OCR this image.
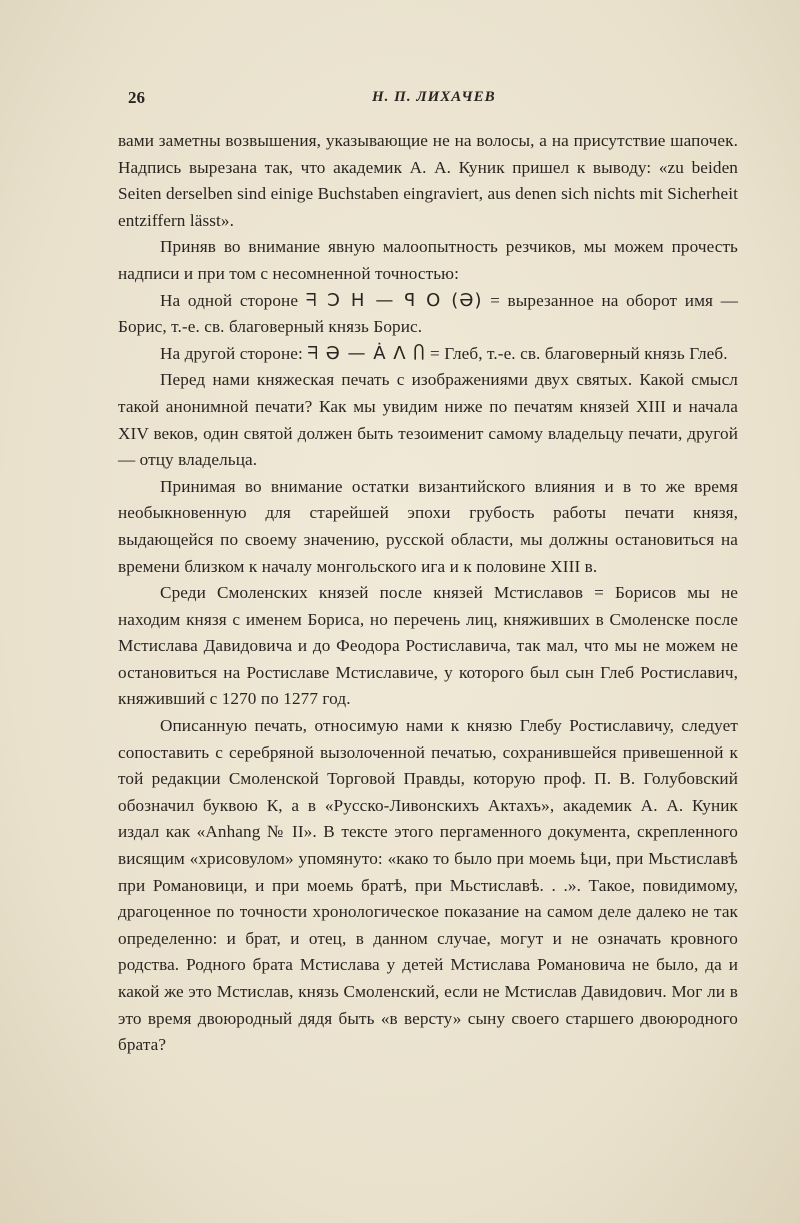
26	Н. П. ЛИХАЧЕВ

вами заметны возвышения, указывающие не на волосы, а на присутствие шапочек. Надпись вырезана так, что академик А. А. Куник пришел к выводу: «zu beiden Seiten derselben sind einige Buchstaben eingraviert, aus denen sich nichts mit Sicherheit entziffern lässt».

Приняв во внимание явную малоопытность резчиков, мы можем прочесть надписи и при том с несомненной точностью:

На одной стороне ᖷ Ͻ Н — ꟼ O (Ә) = вырезанное на оборот имя — Борис, т.-е. св. благоверный князь Борис.

На другой стороне: ᖷ Ә — Ȧ Λ Ⴖ = Глеб, т.-е. св. благоверный князь Глеб.

Перед нами княжеская печать с изображениями двух святых. Какой смысл такой анонимной печати? Как мы увидим ниже по печатям князей XIII и начала XIV веков, один святой должен быть тезоименит самому владельцу печати, другой — отцу владельца.

Принимая во внимание остатки византийского влияния и в то же время необыкновенную для старейшей эпохи грубость работы печати князя, выдающейся по своему значению, русской области, мы должны остановиться на времени близком к началу монгольского ига и к половине XIII в.

Среди Смоленских князей после князей Мстиславов = Борисов мы не находим князя с именем Бориса, но перечень лиц, княживших в Смоленске после Мстислава Давидовича и до Феодора Ростиславича, так мал, что мы не можем не остановиться на Ростиславе Мстиславиче, у которого был сын Глеб Ростиславич, княживший с 1270 по 1277 год.

Описанную печать, относимую нами к князю Глебу Ростиславичу, следует сопоставить с серебряной вызолоченной печатью, сохранившейся привешенной к той редакции Смоленской Торговой Правды, которую проф. П. В. Голубовский обозначил буквою К, а в «Русско-Ливонскихъ Актахъ», академик А. А. Куник издал как «Anhang № II». В тексте этого пергаменного документа, скрепленного висящим «хрисовулом» упомянуто: «како то было при моемь ҍци, при Мьстиславѣ при Романовици, и при моемь братѣ, при Мьстиславѣ. . .». Такое, повидимому, драгоценное по точности хронологическое показание на самом деле далеко не так определенно: и брат, и отец, в данном случае, могут и не означать кровного родства. Родного брата Мстислава у детей Мстислава Романовича не было, да и какой же это Мстислав, князь Смоленский, если не Мстислав Давидович. Мог ли в это время двоюродный дядя быть «в версту» сыну своего старшего двоюродного брата?
